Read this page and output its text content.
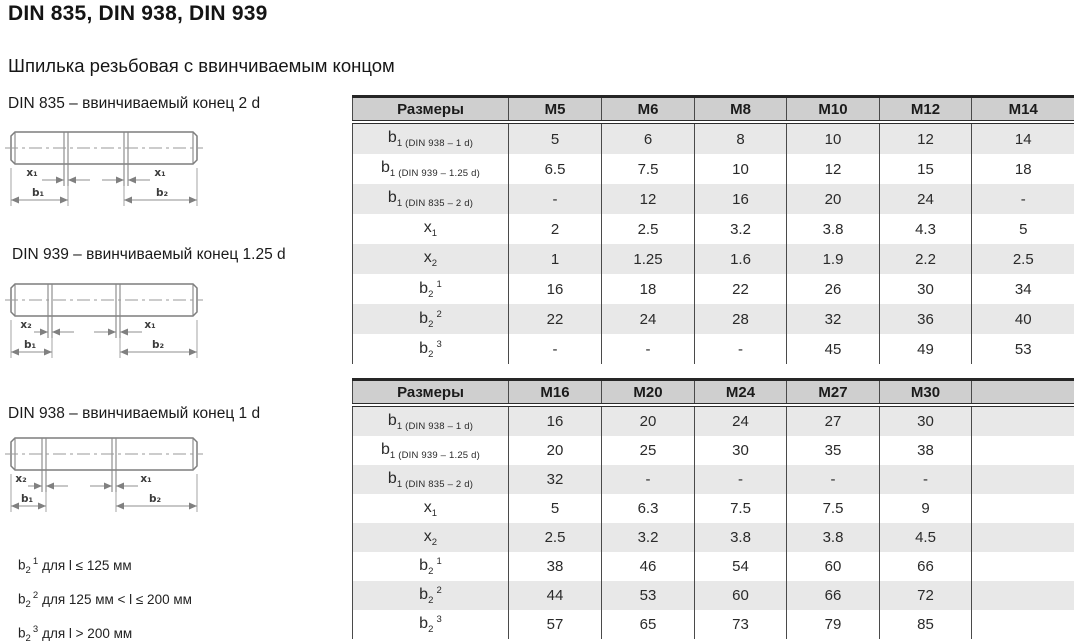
DIN 835, DIN 938, DIN 939
Шпилька резьбовая с ввинчиваемым концом
DIN 835 – ввинчиваемый конец 2 d
x₁	x₁
b₁	b₂
DIN 939 – ввинчиваемый конец 1.25 d
x₂	x₁
b₁	b₂
DIN 938 – ввинчиваемый конец 1 d
x₂	x₁
b₁	b₂
$b_2^1$ для l ≤ 125 мм
$b_2^2$ для 125 мм < l ≤ 200 мм
$b_2^3$ для l > 200 мм
Размеры	M5	M6	M8	M10	M12	M14
$b_{1 (DIN 938 - 1 d)}$	5	6	8	10	12	14
$b_{1 (DIN 939 - 1.25 d)}$	6.5	7.5	10	12	15	18
$b_{1 (DIN 835 - 2 d)}$	-	12	16	20	24	-
$x_1$	2	2.5	3.2	3.8	4.3	5
$x_2$	1	1.25	1.6	1.9	2.2	2.5
$b_2^1$	16	18	22	26	30	34
$b_2^2$	22	24	28	32	36	40
$b_2^3$	-	-	-	45	49	53
Размеры	M16	M20	M24	M27	M30	
$b_{1 (DIN 938 - 1 d)}$	16	20	24	27	30	
$b_{1 (DIN 939 - 1.25 d)}$	20	25	30	35	38	
$b_{1 (DIN 835 - 2 d)}$	32	-	-	-	-	
$x_1$	5	6.3	7.5	7.5	9	
$x_2$	2.5	3.2	3.8	3.8	4.5	
$b_2^1$	38	46	54	60	66	
$b_2^2$	44	53	60	66	72	
$b_2^3$	57	65	73	79	85	
